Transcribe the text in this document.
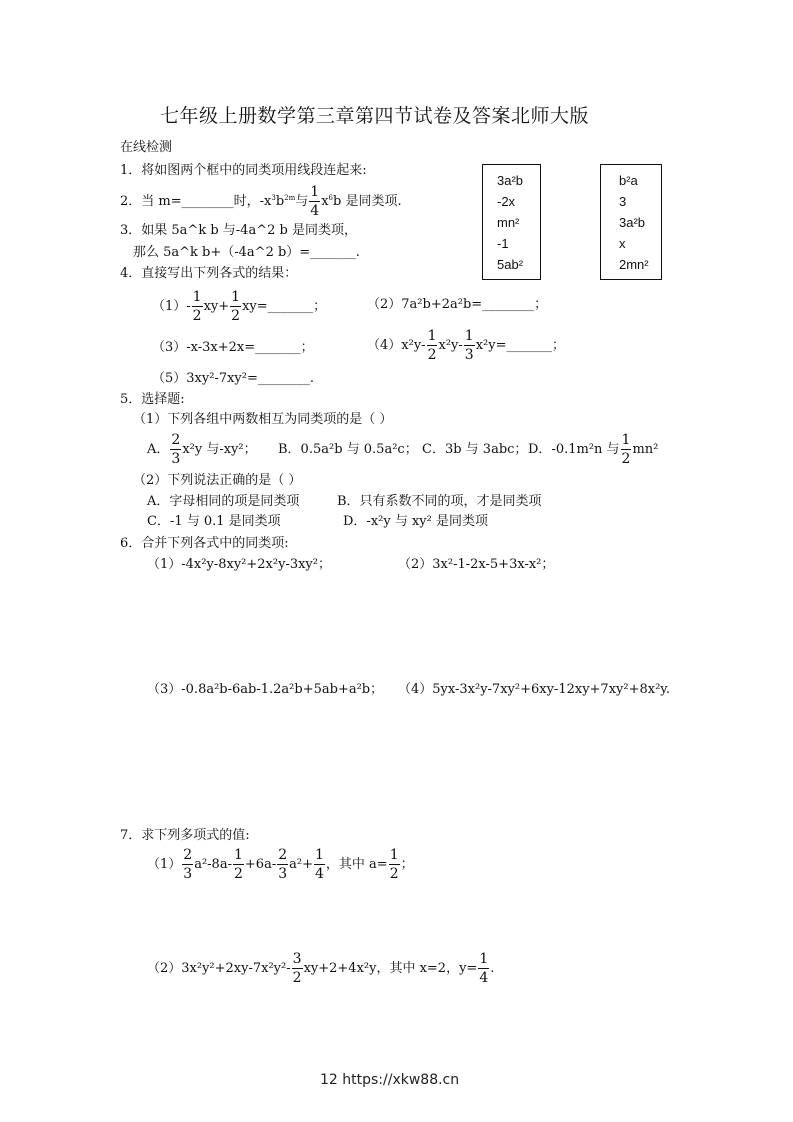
七年级上册数学第三章第四节试卷及答案北师大版
在线检测
1．将如图两个框中的同类项用线段连起来:
3a²b
-2x
mn²
-1
5ab²
b²a
3
3a²b
x
2mn²
2．当 m=________时，$-x^3b^{2m}$与 $\frac{1}{4} x^6b$ 是同类项.
3．如果 5a^k b 与-4a^2 b 是同类项，
那么 5a^k b+（-4a^2 b）=_______.
4．直接写出下列各式的结果：
$(1)- \frac{1}{2} xy+ \frac{1}{2}$ xy=_______；	（2）7a²b+2a²b=________；
（3）-x-3x+2x=_______；	$(4)x^2y- \frac{1}{2} x^2y- \frac{1}{3}$ x²y=_______；
（5）3xy²-7xy²=________.
5．选择题:
（1）下列各组中两数相互为同类项的是（ ）
A． $\frac{2}{3} x^2y$ 与-xy²； B．0.5a²b 与 0.5a²c； C．3b 与 3abc； D．-0.1m²n 与 $\frac{1}{2} mn^2$
（2）下列说法正确的是（ ）
A．字母相同的项是同类项	B．只有系数不同的项，才是同类项
C．-1 与 0.1 是同类项	D．-x²y 与 xy² 是同类项
6．合并下列各式中的同类项:
（1）-4x²y-8xy²+2x²y-3xy²；	（2）3x²-1-2x-5+3x-x²；
（3）-0.8a²b-6ab-1.2a²b+5ab+a²b； （4）5yx-3x²y-7xy²+6xy-12xy+7xy²+8x²y.
7．求下列多项式的值:
$(1) \frac{2}{3} a^2-8a- \frac{1}{2} +6a- \frac{2}{3} a^2+ \frac{1}{4}$ ，其中 $a= \frac{1}{2}$ ；
$(2)3x^2y^2+2xy-7x^2y^2- \frac{3}{2} xy+2+4x^2y$，其中 x=2，$y= \frac{1}{4}$ .
12 https://xkw88.cn
